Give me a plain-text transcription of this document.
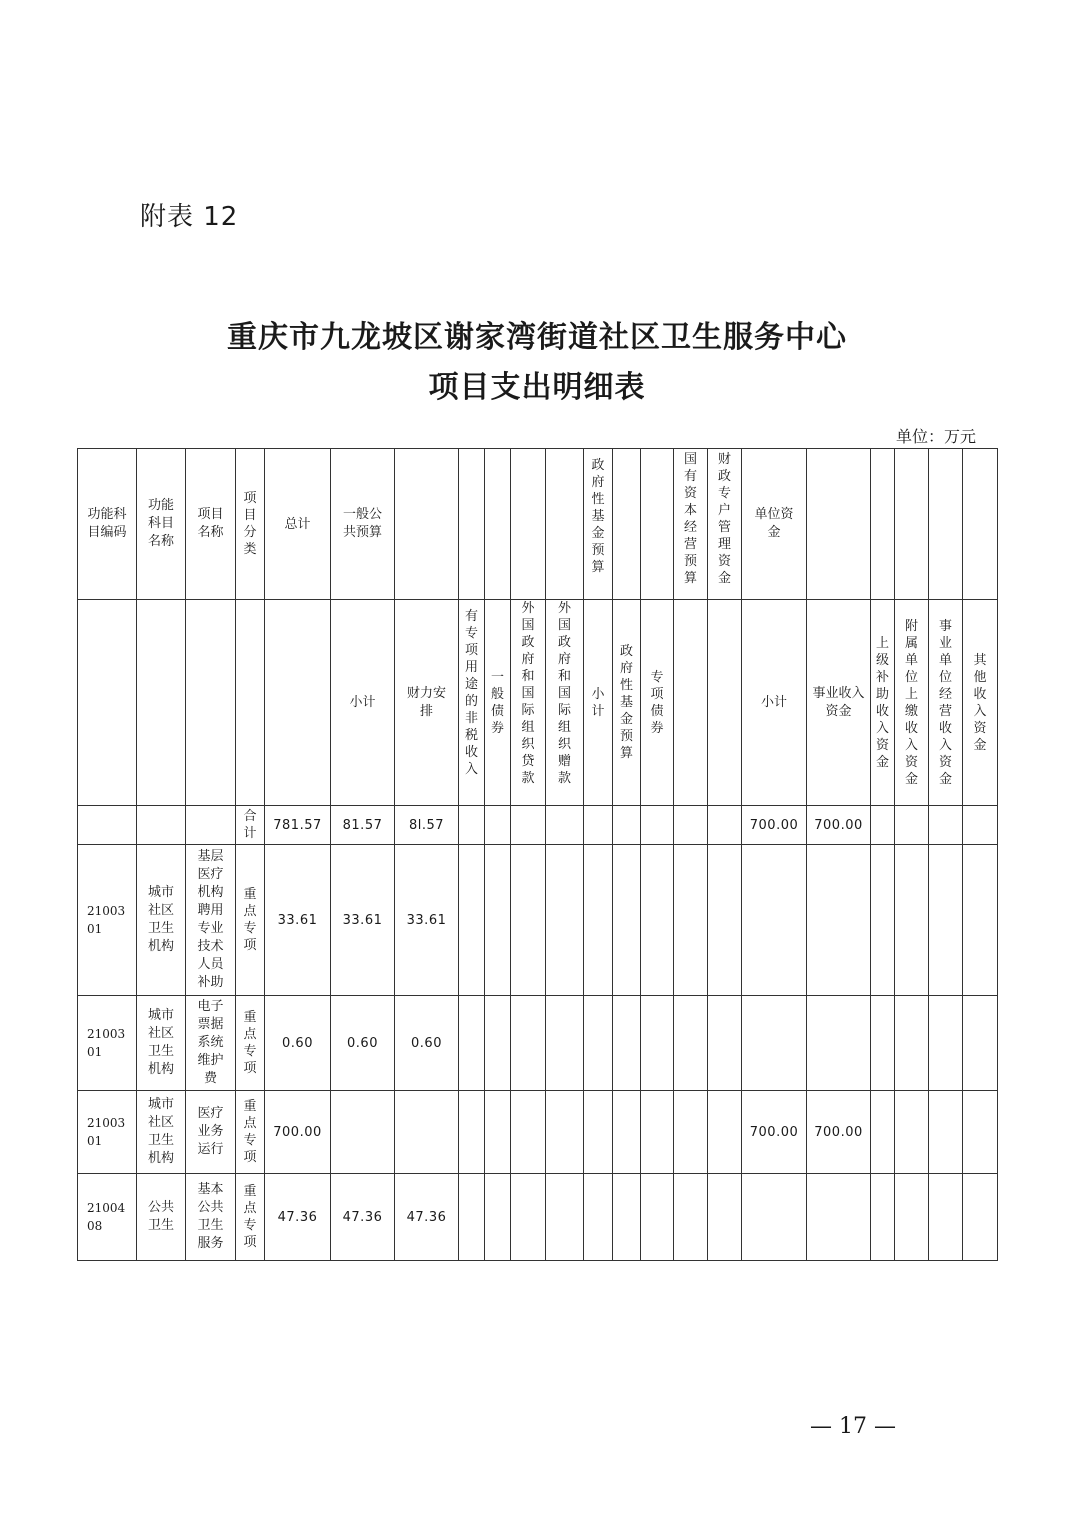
附表 12
重庆市九龙坡区谢家湾街道社区卫生服务中心
项目支出明细表
单位：万元
功能科目编码	功能科目名称	项目名称	项目分类	总计	一般公共预算						政府性基金预算			国有资本经营预算	财政专户管理资金	单位资金					
					小计	财力安排	有专项用途的非税收入	一般债券	外国政府和国际组织贷款	外国政府和国际组织赠款	小计	政府性基金预算	专项债券			小计	事业收入资金	上级补助收入资金	附属单位上缴收入资金	事业单位经营收入资金	其他收入资金
			合计	781.57	81.57	8l.57										700.00	700.00				
2100301	城市社区卫生机构	基层医疗机构聘用专业技术人员补助	重点专项	33.61	33.61	33.61															
2100301	城市社区卫生机构	电子票据系统维护费	重点专项	0.60	0.60	0.60															
2100301	城市社区卫生机构	医疗业务运行	重点专项	700.00												700.00	700.00				
2100408	公共卫生	基本公共卫生服务	重点专项	47.36	47.36	47.36															
— 17 —
